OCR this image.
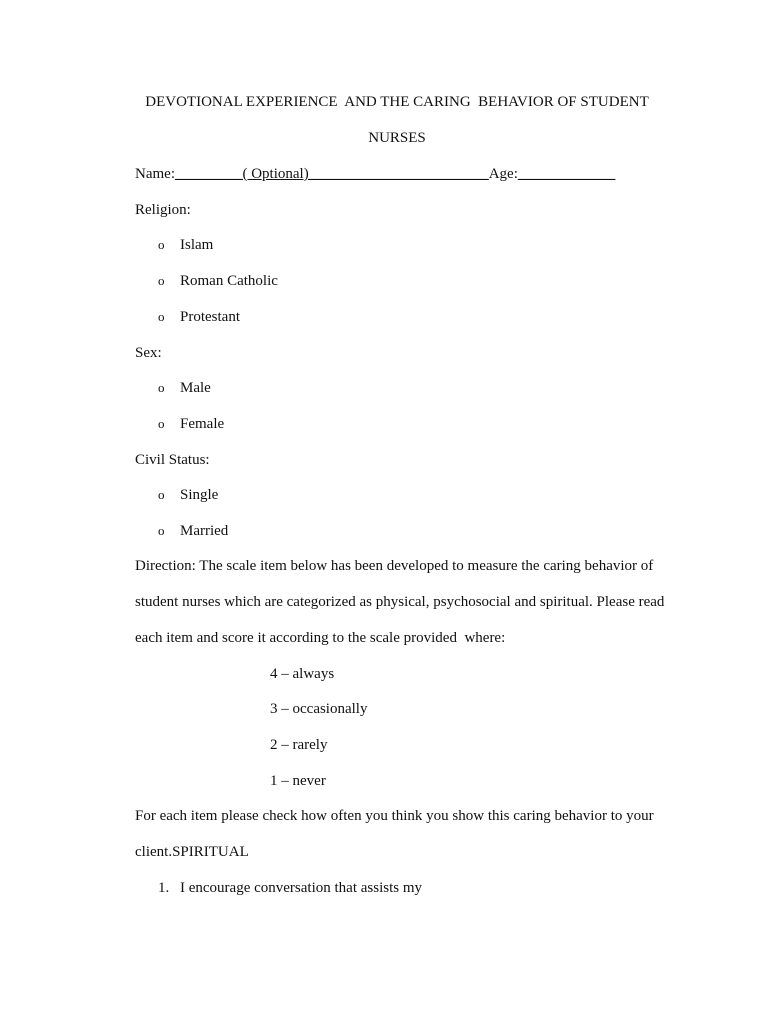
DEVOTIONAL EXPERIENCE  AND THE CARING  BEHAVIOR OF STUDENT
NURSES
Name:_________( Optional)________________________Age:_____________
Religion:
o Islam
o Roman Catholic
o Protestant
Sex:
o Male
o Female
Civil Status:
o Single
o Married
Direction: The scale item below has been developed to measure the caring behavior of
student nurses which are categorized as physical, psychosocial and spiritual. Please read
each item and score it according to the scale provided  where:
4 – always
3 – occasionally
2 – rarely
1 – never
For each item please check how often you think you show this caring behavior to your
client.SPIRITUAL
1. I encourage conversation that assists my
